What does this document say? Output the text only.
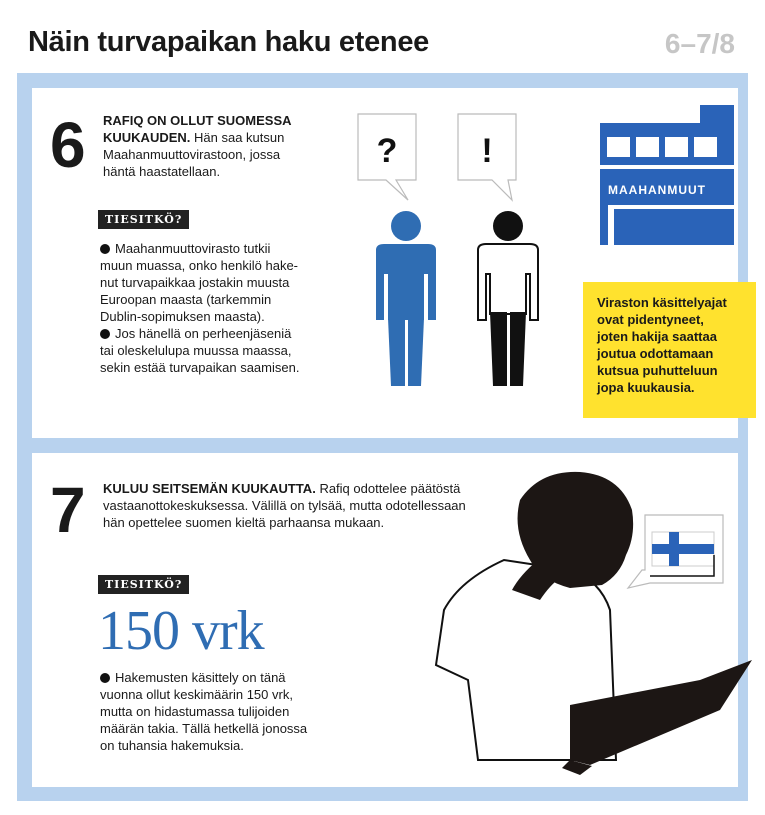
Näin turvapaikan haku etenee	6–7/8
6 RAFIQ ON OLLUT SUOMESSA
KUUKAUDEN. Hän saa kutsun
Maahanmuuttovirastoon, jossa
häntä haastatellaan.
TIESITKÖ?
Maahanmuuttovirasto tutkii
muun muassa, onko henkilö hake-
nut turvapaikkaa jostakin muusta
Euroopan maasta (tarkemmin
Dublin-sopimuksen maasta).
Jos hänellä on perheenjäseniä
tai oleskelulupa muussa maassa,
sekin estää turvapaikan saamisen.
? !
MAAHANMUUT

Viraston käsittelyajat
ovat pidentyneet,
joten hakija saattaa
joutua odottamaan
kutsua puhutteluun
jopa kuukausia.

7 KULUU SEITSEMÄN KUUKAUTTA. Rafiq odottelee päätöstä
vastaanottokeskuksessa. Välillä on tylsää, mutta odotellessaan
hän opettelee suomen kieltä parhaansa mukaan.
TIESITKÖ?
150 vrk
Hakemusten käsittely on tänä
vuonna ollut keskimäärin 150 vrk,
mutta on hidastumassa tulijoiden
määrän takia. Tällä hetkellä jonossa
on tuhansia hakemuksia.
